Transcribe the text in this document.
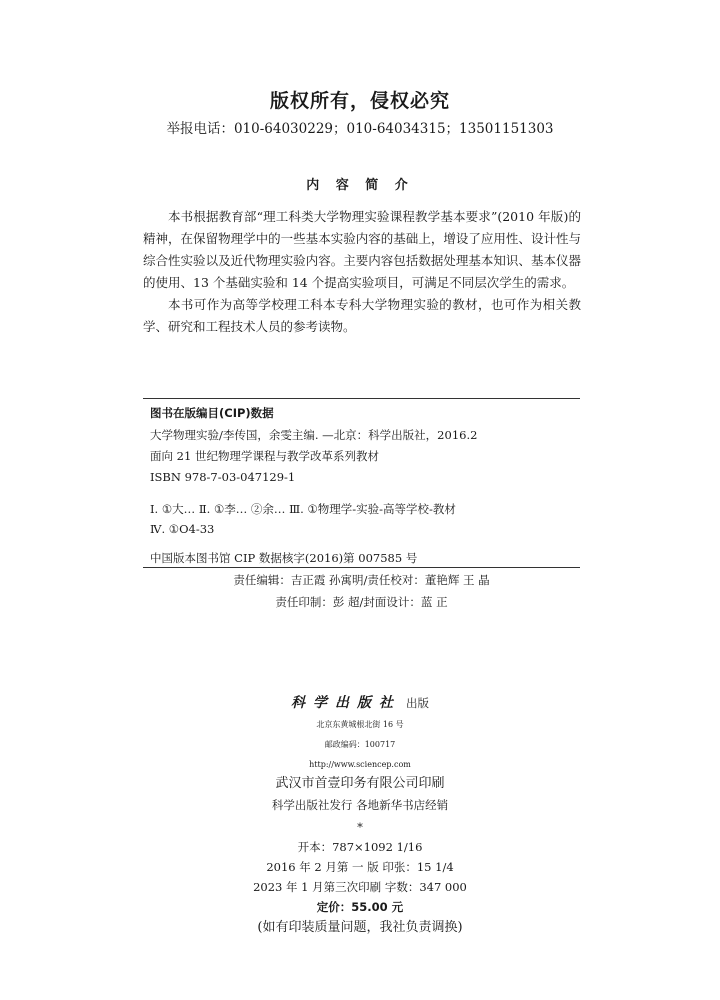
版权所有，侵权必究
举报电话：010-64030229；010-64034315；13501151303
内 容 简 介

本书根据教育部“理工科类大学物理实验课程教学基本要求”(2010 年版)的精神，在保留物理学中的一些基本实验内容的基础上，增设了应用性、设计性与综合性实验以及近代物理实验内容。主要内容包括数据处理基本知识、基本仪器的使用、13 个基础实验和 14 个提高实验项目，可满足不同层次学生的需求。

本书可作为高等学校理工科本专科大学物理实验的教材，也可作为相关教学、研究和工程技术人员的参考读物。

图书在版编目(CIP)数据
大学物理实验/李传国，余雯主编. —北京：科学出版社，2016.2
面向 21 世纪物理学课程与教学改革系列教材
ISBN 978-7-03-047129-1
Ⅰ. ①大… Ⅱ. ①李… ②余… Ⅲ. ①物理学-实验-高等学校-教材
Ⅳ. ①O4-33
中国版本图书馆 CIP 数据核字(2016)第 007585 号
责任编辑：吉正霞 孙寓明/责任校对：董艳辉 王 晶
责任印制：彭 超/封面设计：蓝 正
科学出版社 出版
北京东黄城根北街 16 号
邮政编码：100717
http://www.sciencep.com
武汉市首壹印务有限公司印刷
科学出版社发行 各地新华书店经销
*
开本：787×1092 1/16
2016 年 2 月第 一 版 印张：15 1/4
2023 年 1 月第三次印刷 字数：347 000
定价：55.00 元
(如有印装质量问题，我社负责调换)
